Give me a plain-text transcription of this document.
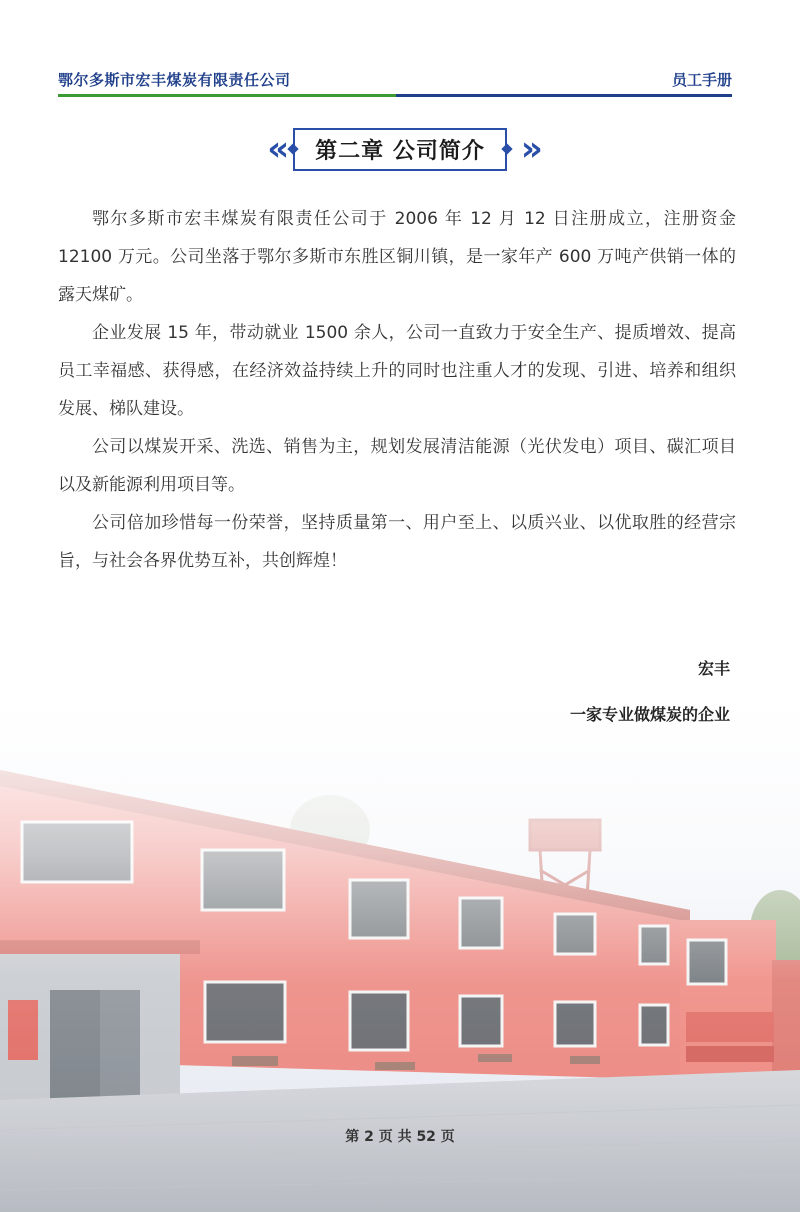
鄂尔多斯市宏丰煤炭有限责任公司	员工手册
«	第二章 公司简介	»

鄂尔多斯市宏丰煤炭有限责任公司于 2006 年 12 月 12 日注册成立，注册资金 12100 万元。公司坐落于鄂尔多斯市东胜区铜川镇，是一家年产 600 万吨产供销一体的露天煤矿。

企业发展 15 年，带动就业 1500 余人，公司一直致力于安全生产、提质增效、提高员工幸福感、获得感，在经济效益持续上升的同时也注重人才的发现、引进、培养和组织发展、梯队建设。

公司以煤炭开采、洗选、销售为主，规划发展清洁能源（光伏发电）项目、碳汇项目以及新能源利用项目等。

公司倍加珍惜每一份荣誉，坚持质量第一、用户至上、以质兴业、以优取胜的经营宗旨，与社会各界优势互补，共创辉煌！

宏丰
一家专业做煤炭的企业
第 2 页 共 52 页
